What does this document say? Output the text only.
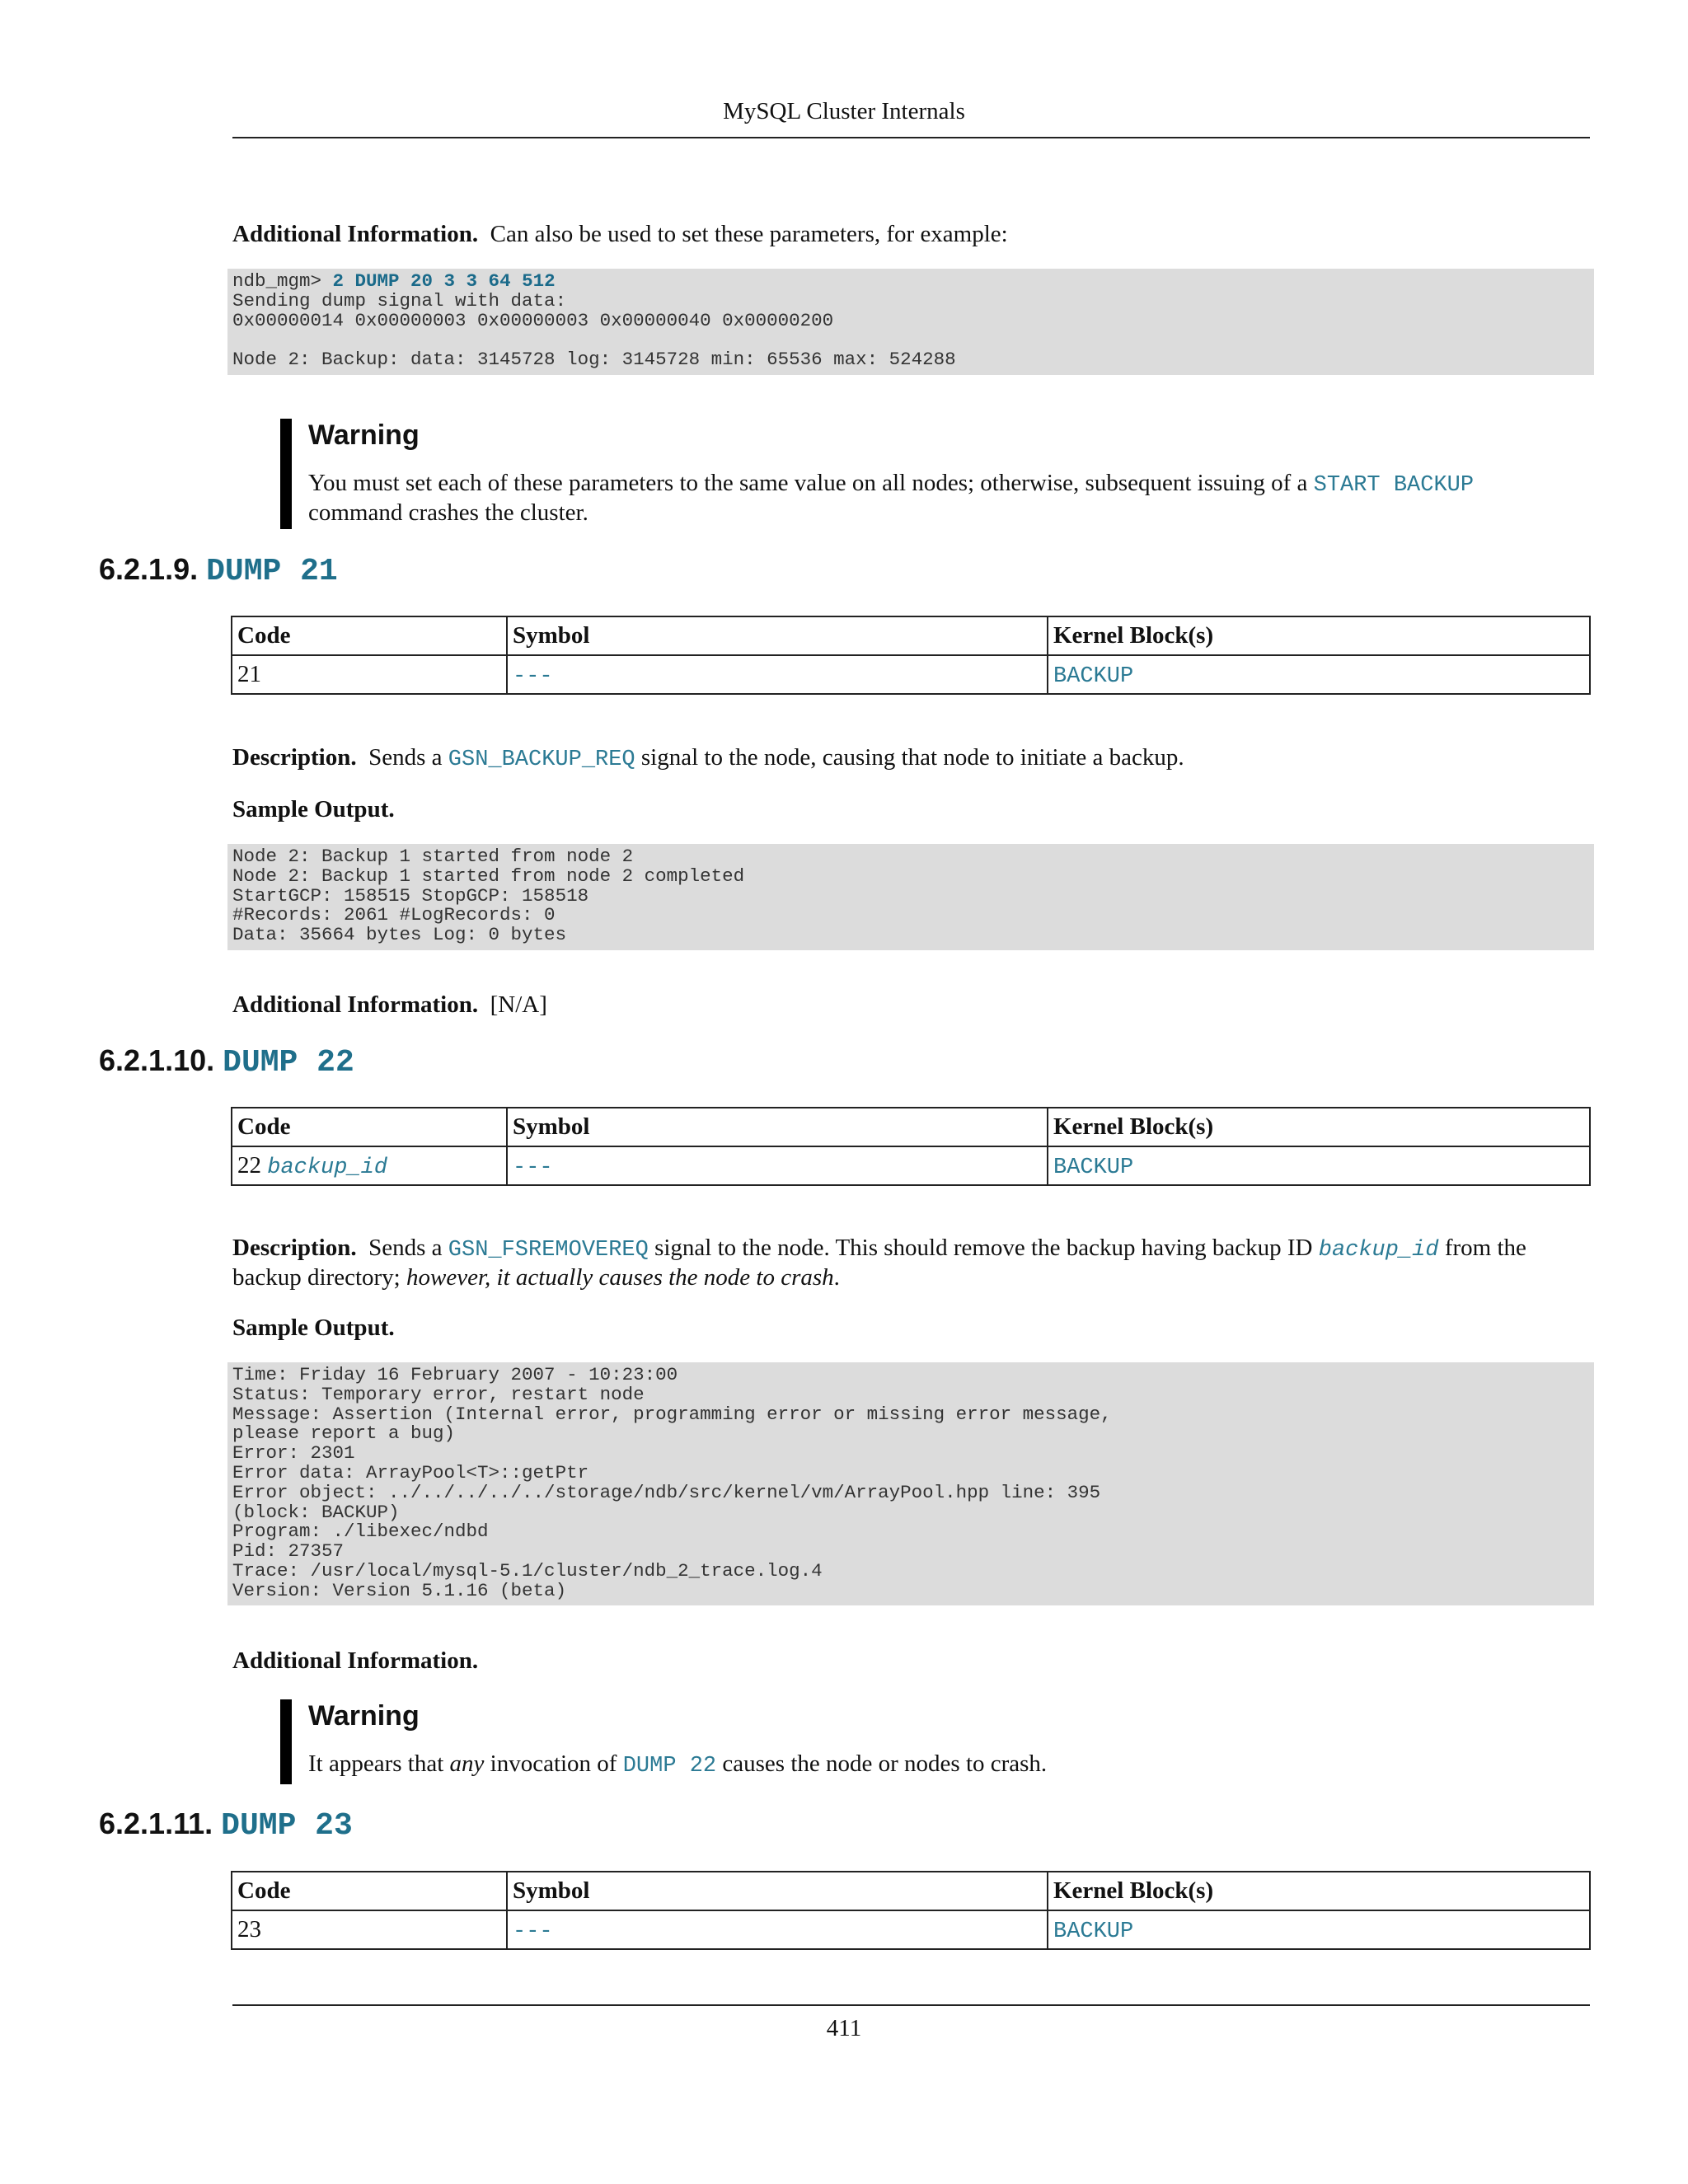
MySQL Cluster Internals
Additional Information. Can also be used to set these parameters, for example:
ndb_mgm> 2 DUMP 20 3 3 64 512
Sending dump signal with data:
0x00000014 0x00000003 0x00000003 0x00000040 0x00000200

Node 2: Backup: data: 3145728 log: 3145728 min: 65536 max: 524288
Warning
You must set each of these parameters to the same value on all nodes; otherwise, subsequent issuing of a START BACKUP command crashes the cluster.
6.2.1.9. DUMP 21
Code	Symbol	Kernel Block(s)
21	---	BACKUP
Description. Sends a GSN_BACKUP_REQ signal to the node, causing that node to initiate a backup.
Sample Output.
Node 2: Backup 1 started from node 2
Node 2: Backup 1 started from node 2 completed
StartGCP: 158515 StopGCP: 158518
#Records: 2061 #LogRecords: 0
Data: 35664 bytes Log: 0 bytes
Additional Information. [N/A]
6.2.1.10. DUMP 22
Code	Symbol	Kernel Block(s)
22 backup_id	---	BACKUP
Description. Sends a GSN_FSREMOVEREQ signal to the node. This should remove the backup having backup ID backup_id from the backup directory; however, it actually causes the node to crash.
Sample Output.
Time: Friday 16 February 2007 - 10:23:00
Status: Temporary error, restart node
Message: Assertion (Internal error, programming error or missing error message,
please report a bug)
Error: 2301
Error data: ArrayPool<T>::getPtr
Error object: ../../../../../storage/ndb/src/kernel/vm/ArrayPool.hpp line: 395
(block: BACKUP)
Program: ./libexec/ndbd
Pid: 27357
Trace: /usr/local/mysql-5.1/cluster/ndb_2_trace.log.4
Version: Version 5.1.16 (beta)
Additional Information.
Warning
It appears that any invocation of DUMP 22 causes the node or nodes to crash.
6.2.1.11. DUMP 23
Code	Symbol	Kernel Block(s)
23	---	BACKUP
411
